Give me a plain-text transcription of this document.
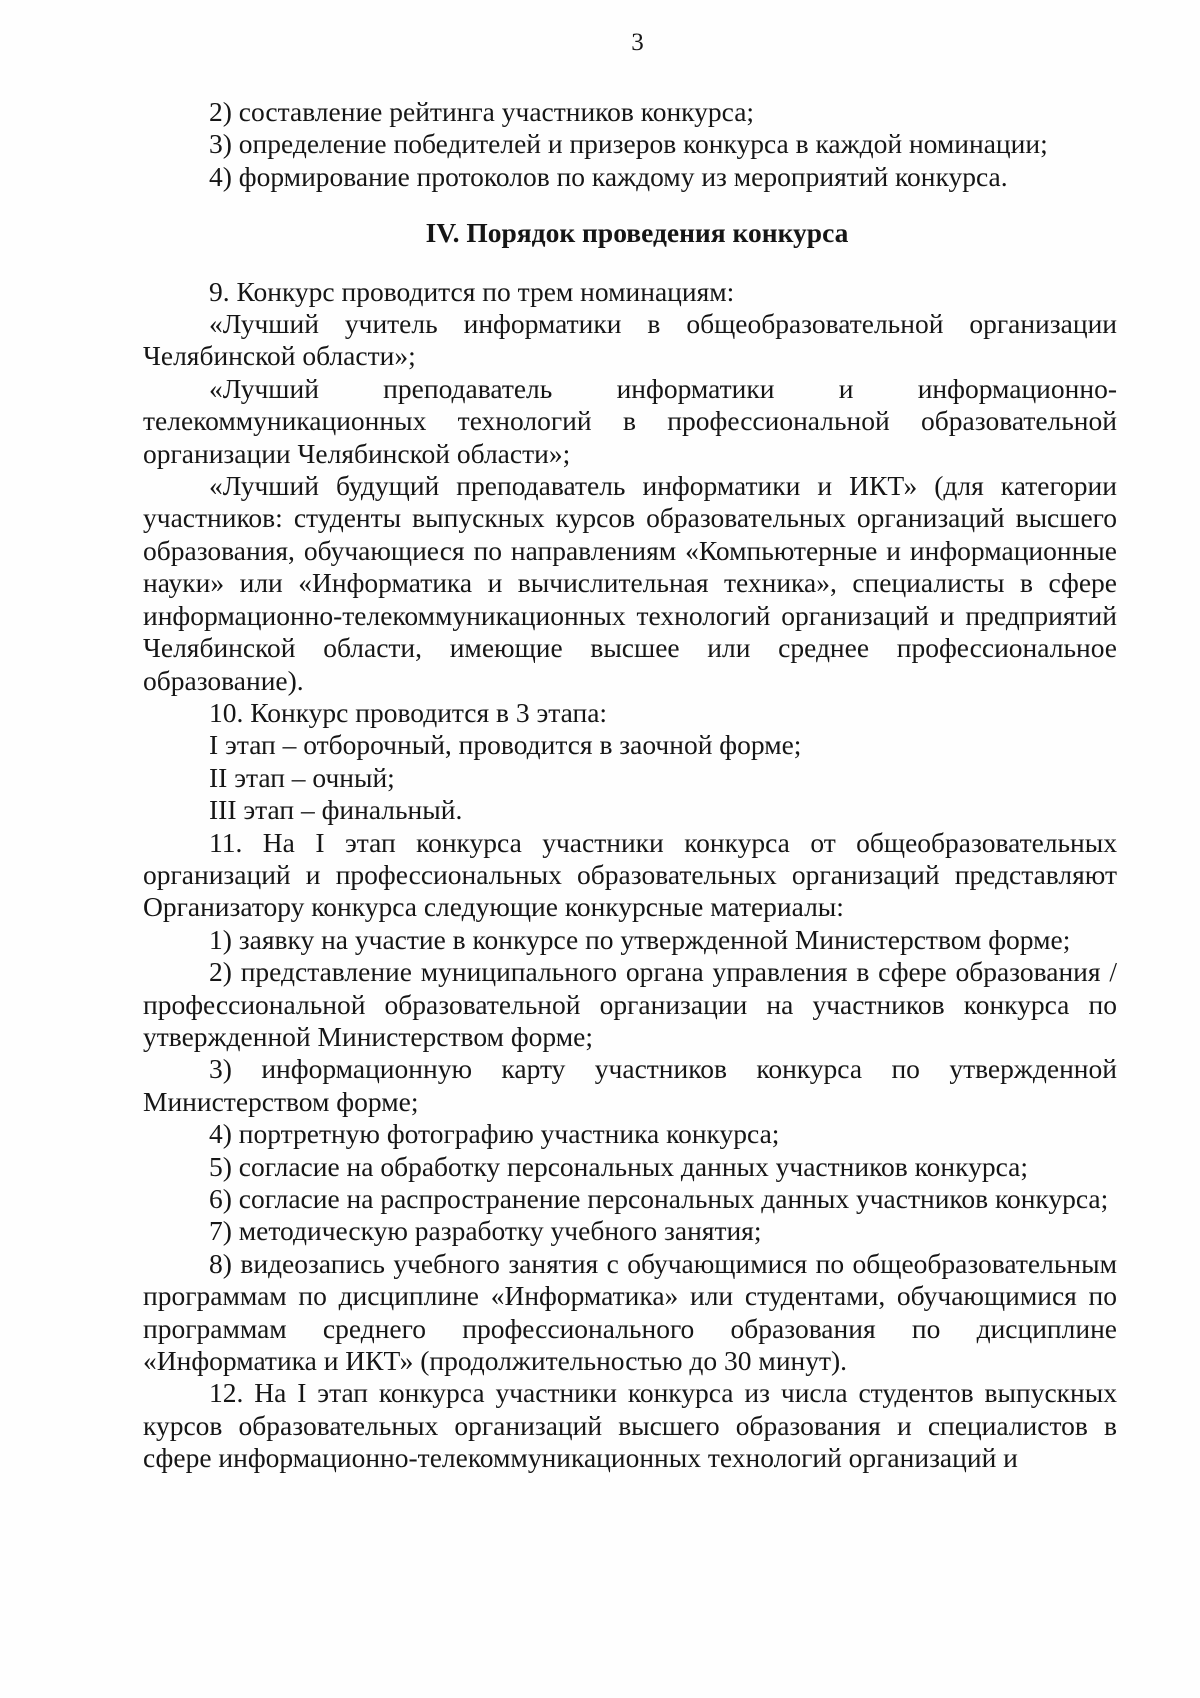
3

2) составление рейтинга участников конкурса;

3) определение победителей и призеров конкурса в каждой номинации;

4) формирование протоколов по каждому из мероприятий конкурса.

IV. Порядок проведения конкурса

9. Конкурс проводится по трем номинациям:

«Лучший учитель информатики в общеобразовательной организации Челябинской области»;

«Лучший преподаватель информатики и информационно-телекоммуникационных технологий в профессиональной образовательной организации Челябинской области»;

«Лучший будущий преподаватель информатики и ИКТ» (для категории участников: студенты выпускных курсов образовательных организаций высшего образования, обучающиеся по направлениям «Компьютерные и информационные науки» или «Информатика и вычислительная техника», специалисты в сфере информационно-телекоммуникационных технологий организаций и предприятий Челябинской области, имеющие высшее или среднее профессиональное образование).

10. Конкурс проводится в 3 этапа:

I этап – отборочный, проводится в заочной форме;

II этап – очный;

III этап – финальный.

11. На I этап конкурса участники конкурса от общеобразовательных организаций и профессиональных образовательных организаций представляют Организатору конкурса следующие конкурсные материалы:

1) заявку на участие в конкурсе по утвержденной Министерством форме;

2) представление муниципального органа управления в сфере образования / профессиональной образовательной организации на участников конкурса по утвержденной Министерством форме;

3) информационную карту участников конкурса по утвержденной Министерством форме;

4) портретную фотографию участника конкурса;

5) согласие на обработку персональных данных участников конкурса;

6) согласие на распространение персональных данных участников конкурса;

7) методическую разработку учебного занятия;

8) видеозапись учебного занятия с обучающимися по общеобразовательным программам по дисциплине «Информатика» или студентами, обучающимися по программам среднего профессионального образования по дисциплине «Информатика и ИКТ» (продолжительностью до 30 минут).

12. На I этап конкурса участники конкурса из числа студентов выпускных курсов образовательных организаций высшего образования и специалистов в сфере информационно-телекоммуникационных технологий организаций и
